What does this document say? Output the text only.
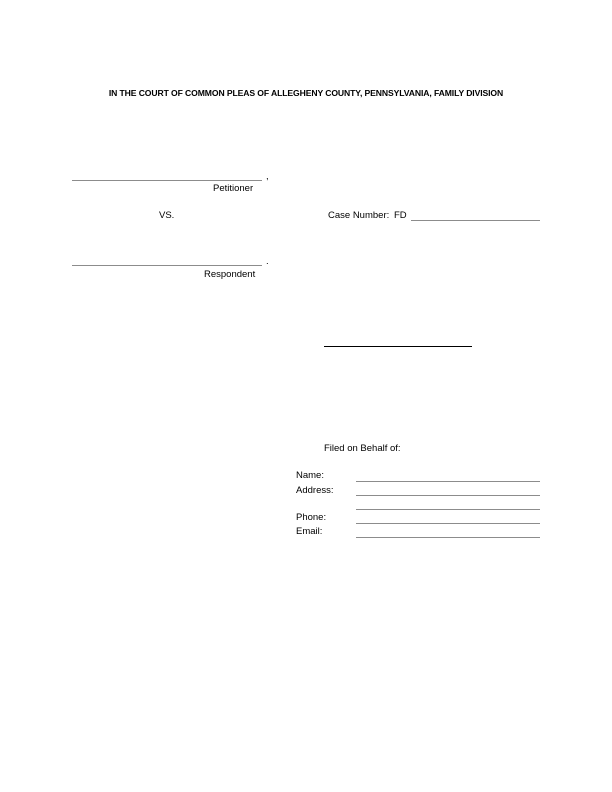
IN THE COURT OF COMMON PLEAS OF ALLEGHENY COUNTY, PENNSYLVANIA, FAMILY DIVISION
,
Petitioner
VS.	Case Number: FD
.
Respondent
Filed on Behalf of:
Name:
Address:
Phone:
Email:
